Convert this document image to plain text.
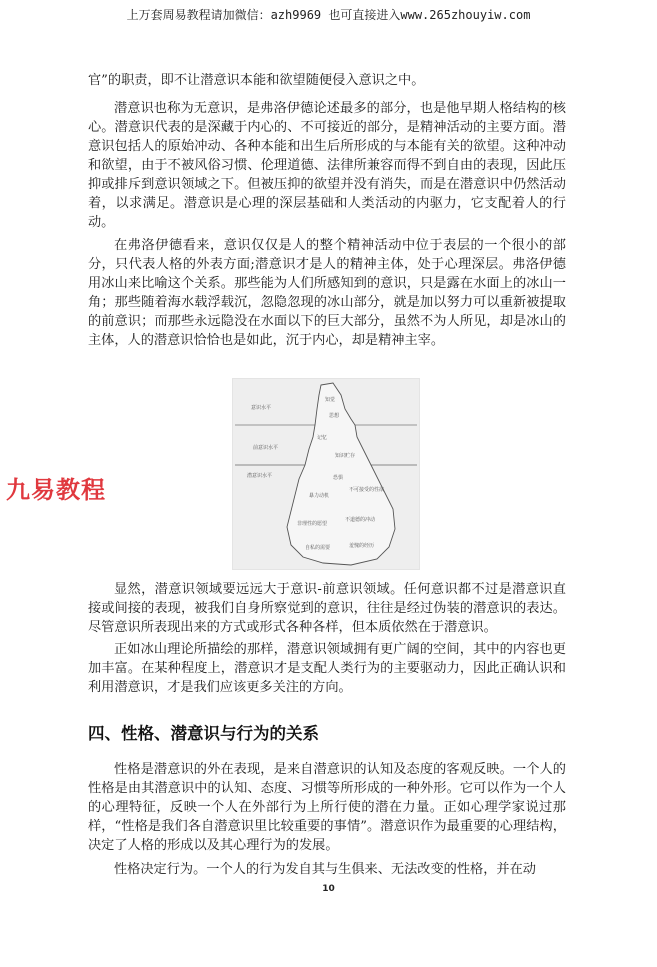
上万套周易教程请加微信：azh9969 也可直接进入www.265zhouyiw.com

官”的职责，即不让潜意识本能和欲望随便侵入意识之中。

潜意识也称为无意识，是弗洛伊德论述最多的部分，也是他早期人格结构的核心。潜意识代表的是深藏于内心的、不可接近的部分，是精神活动的主要方面。潜意识包括人的原始冲动、各种本能和出生后所形成的与本能有关的欲望。这种冲动和欲望，由于不被风俗习惯、伦理道德、法律所兼容而得不到自由的表现，因此压抑或排斥到意识领域之下。但被压抑的欲望并没有消失，而是在潜意识中仍然活动着，以求满足。潜意识是心理的深层基础和人类活动的内驱力，它支配着人的行动。

在弗洛伊德看来，意识仅仅是人的整个精神活动中位于表层的一个很小的部分，只代表人格的外表方面;潜意识才是人的精神主体，处于心理深层。弗洛伊德用冰山来比喻这个关系。那些能为人们所感知到的意识，只是露在水面上的冰山一角；那些随着海水载浮载沉，忽隐忽现的冰山部分，就是加以努力可以重新被提取的前意识；而那些永远隐没在水面以下的巨大部分，虽然不为人所见，却是冰山的主体，人的潜意识恰恰也是如此，沉于内心，却是精神主宰。

九易教程
意识水平
前意识水平
潜意识水平
知觉
思想
记忆
知识贮存
恐惧
不可接受的性欲
暴力动机
非理性的愿望
不道德的冲动
自私的需要	羞愧的经历

显然，潜意识领域要远远大于意识-前意识领域。任何意识都不过是潜意识直接或间接的表现，被我们自身所察觉到的意识，往往是经过伪装的潜意识的表达。尽管意识所表现出来的方式或形式各种各样，但本质依然在于潜意识。

正如冰山理论所描绘的那样，潜意识领域拥有更广阔的空间，其中的内容也更加丰富。在某种程度上，潜意识才是支配人类行为的主要驱动力，因此正确认识和利用潜意识，才是我们应该更多关注的方向。

四、性格、潜意识与行为的关系

性格是潜意识的外在表现，是来自潜意识的认知及态度的客观反映。一个人的性格是由其潜意识中的认知、态度、习惯等所形成的一种外形。它可以作为一个人的心理特征，反映一个人在外部行为上所行使的潜在力量。正如心理学家说过那样，“性格是我们各自潜意识里比较重要的事情”。潜意识作为最重要的心理结构，决定了人格的形成以及其心理行为的发展。

性格决定行为。一个人的行为发自其与生俱来、无法改变的性格，并在动

10
